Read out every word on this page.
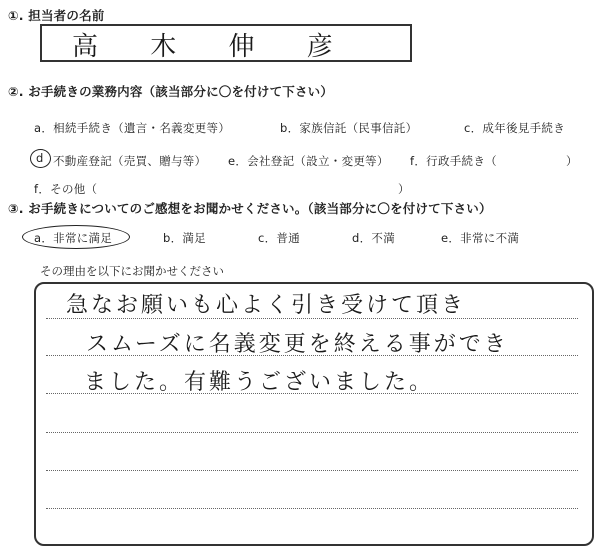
①. 担当者の名前
高 木 伸 彦
②. お手続きの業務内容（該当部分に〇を付けて下さい）
a．相続手続き（遺言・名義変更等）	b．家族信託（民事信託）	c．成年後見手続き
d 不動産登記（売買、贈与等） e．会社登記（設立・変更等） f．行政手続き（	）
f．その他（	）
③. お手続きについてのご感想をお聞かせください。（該当部分に〇を付けて下さい）
a．非常に満足	b．満足	c．普通	d．不満	e．非常に不満
その理由を以下にお聞かせください
急なお願いも心よく引き受けて頂き
スムーズに名義変更を終える事ができ
ました。有難うございました。
